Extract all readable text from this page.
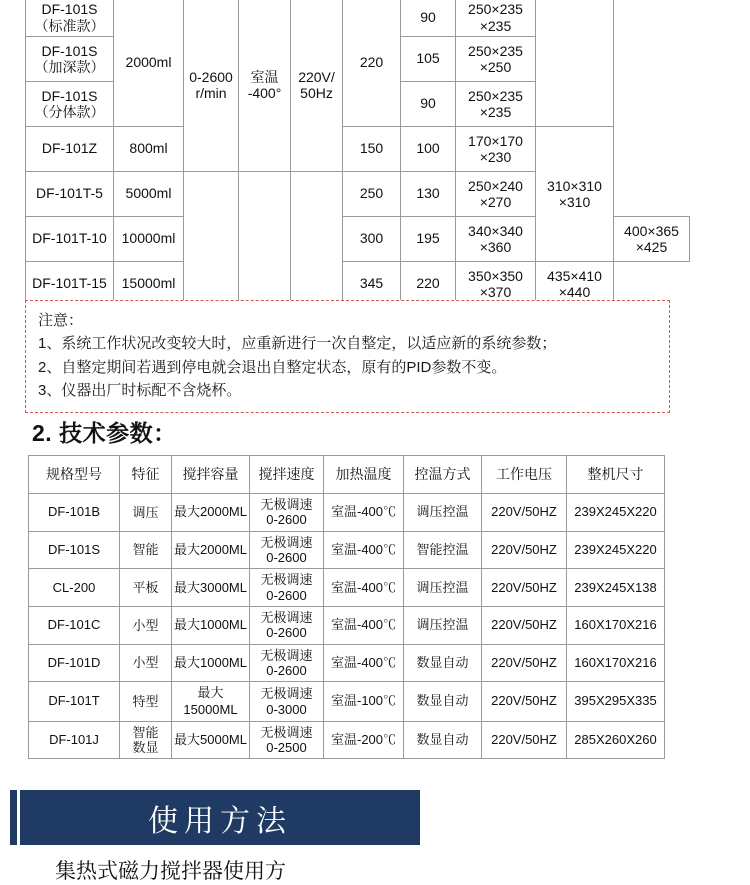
DF-101S
（标准款）	2000ml	0-2600
r/min	室温
-400°	220V/
50Hz	220	90	250×235
×235		

DF-101S
（加深款）						105	250×235
×250		

DF-101S
（分体款）						90	250×235
×235		

DF-101Z	800ml				150	100	170×170
×230	310×310
×310	

DF-101T-5	5000ml				250	130	250×240
×270		

DF-101T-10	10000ml				300	195	340×340
×360		400×365
×425

DF-101T-15	15000ml				345	220	350×350
×370	435×410
×440	
注意：
1、系统工作状况改变较大时，应重新进行一次自整定，以适应新的系统参数；
2、自整定期间若遇到停电就会退出自整定状态，原有的PID参数不变。
3、仪器出厂时标配不含烧杯。
2. 技术参数：
规格型号	特征	搅拌容量	搅拌速度	加热温度	控温方式	工作电压	整机尺寸
DF-101B	调压	最大2000ML	无极调速
0-2600	室温-400℃	调压控温	220V/50HZ	239X245X220
DF-101S	智能	最大2000ML	无极调速
0-2600	室温-400℃	智能控温	220V/50HZ	239X245X220
CL-200	平板	最大3000ML	无极调速
0-2600	室温-400℃	调压控温	220V/50HZ	239X245X138
DF-101C	小型	最大1000ML	无极调速
0-2600	室温-400℃	调压控温	220V/50HZ	160X170X216
DF-101D	小型	最大1000ML	无极调速
0-2600	室温-400℃	数显自动	220V/50HZ	160X170X216
DF-101T	特型	最大15000ML	无极调速
0-3000	室温-100℃	数显自动	220V/50HZ	395X295X335
DF-101J	智能
数显	最大5000ML	无极调速
0-2500	室温-200℃	数显自动	220V/50HZ	285X260X260
使用方法
集热式磁力搅拌器使用方
